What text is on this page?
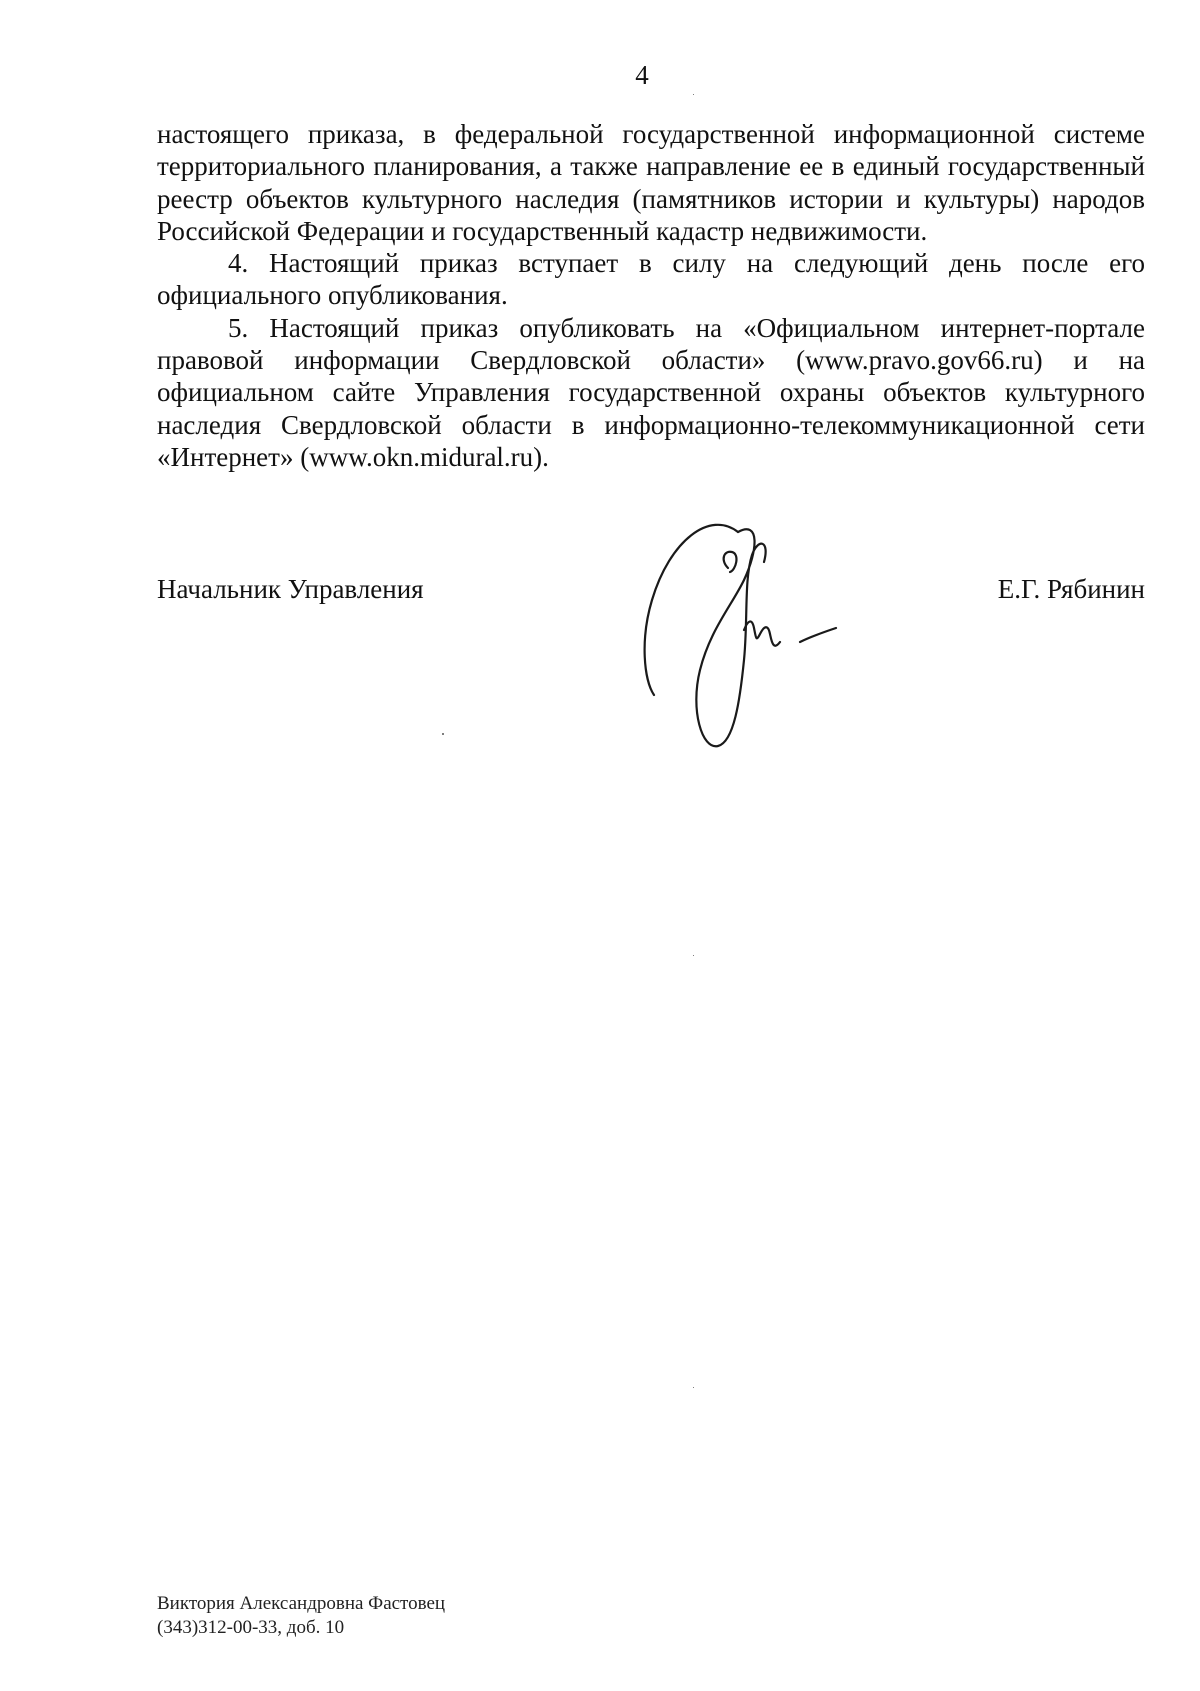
4

настоящего приказа, в федеральной государственной информационной системе территориального планирования, а также направление ее в единый государственный реестр объектов культурного наследия (памятников истории и культуры) народов Российской Федерации и государственный кадастр недвижимости.

4. Настоящий приказ вступает в силу на следующий день после его официального опубликования.

5. Настоящий приказ опубликовать на «Официальном интернет-портале правовой информации Свердловской области» (www.pravo.gov66.ru) и на официальном сайте Управления государственной охраны объектов культурного наследия Свердловской области в информационно-телекоммуникационной сети «Интернет» (www.okn.midural.ru).

Начальник Управления	Е.Г. Рябинин
Виктория Александровна Фастовец
(343)312-00-33, доб. 10
